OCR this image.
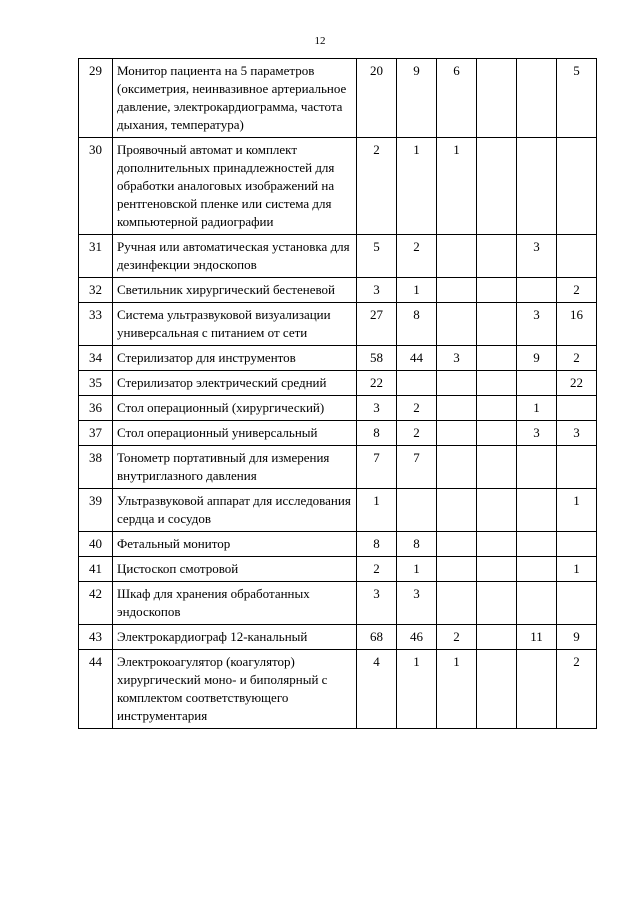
12
29	Монитор пациента на 5 параметров (оксиметрия, неинвазивное артериальное давление, электрокардиограмма, частота дыхания, температура)	20	9	6			5
30	Проявочный автомат и комплект дополнительных принадлежностей для обработки аналоговых изображений на рентгеновской пленке или система для компьютерной радиографии	2	1	1			
31	Ручная или автоматическая установка для дезинфекции эндоскопов	5	2			3	
32	Светильник хирургический бестеневой	3	1				2
33	Система ультразвуковой визуализации универсальная с питанием от сети	27	8			3	16
34	Стерилизатор для инструментов	58	44	3		9	2
35	Стерилизатор электрический средний	22					22
36	Стол операционный (хирургический)	3	2			1	
37	Стол операционный универсальный	8	2			3	3
38	Тонометр портативный для измерения внутриглазного давления	7	7				
39	Ультразвуковой аппарат для исследования сердца и сосудов	1					1
40	Фетальный монитор	8	8				
41	Цистоскоп смотровой	2	1				1
42	Шкаф для хранения обработанных эндоскопов	3	3				
43	Электрокардиограф 12-канальный	68	46	2		11	9
44	Электрокоагулятор (коагулятор) хирургический моно- и биполярный с комплектом соответствующего инструментария	4	1	1			2
